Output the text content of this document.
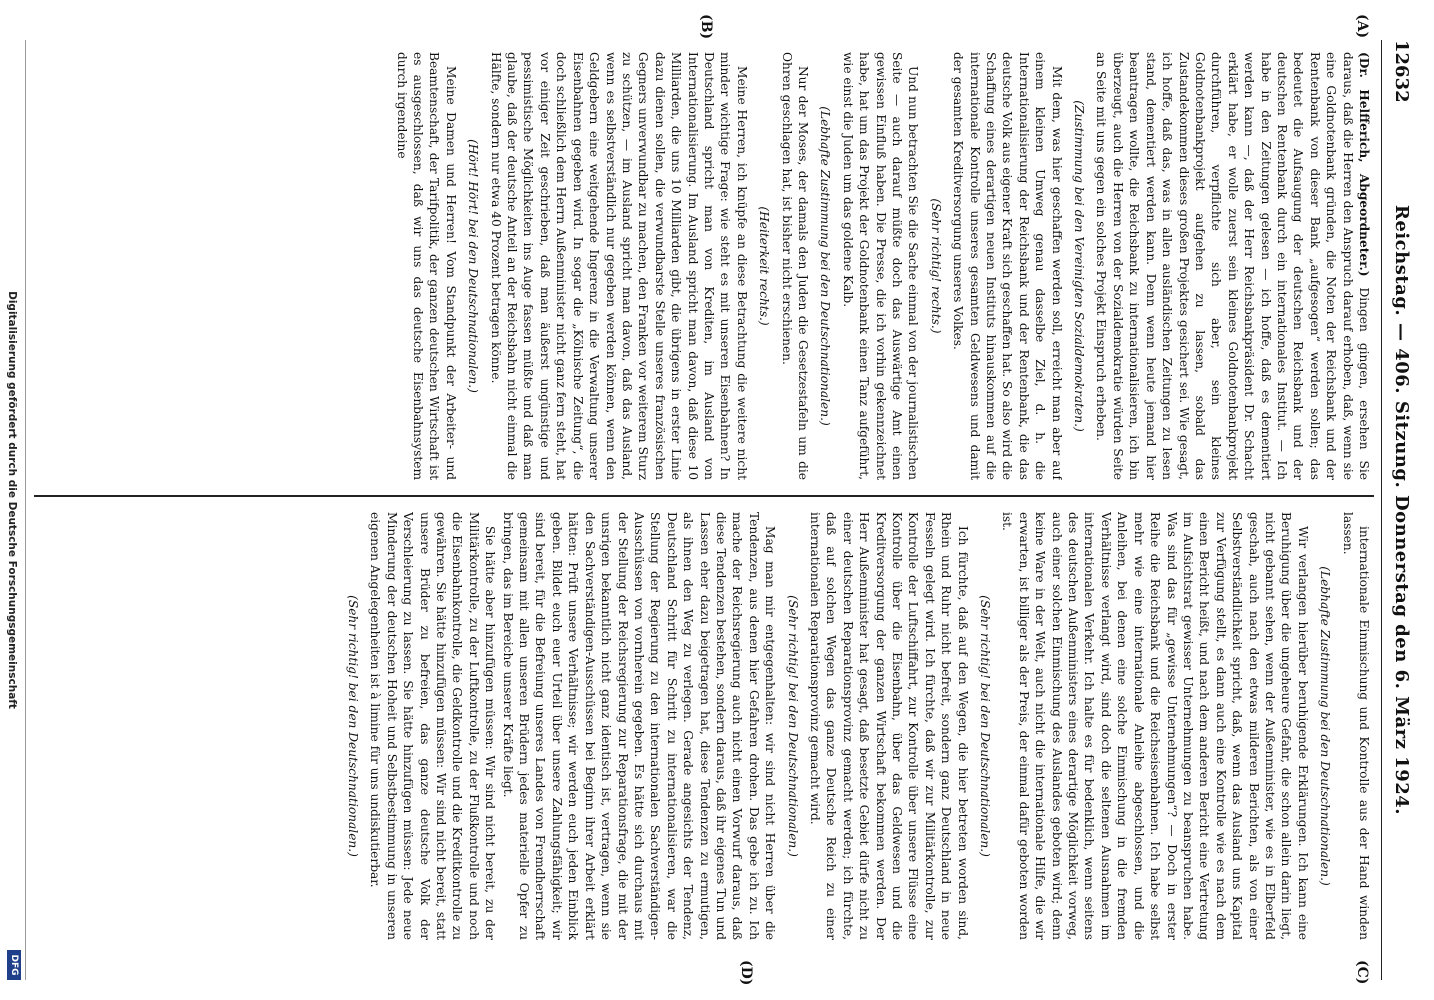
12632
Reichstag. — 406. Sitzung. Donnerstag den 6. März 1924.
(A)
(B)
(C)
(D)

(Dr. Helfferich, Abgeordneter.) Dingen gingen, ersehen Sie daraus, daß die Herren den Anspruch darauf erhoben, daß, wenn sie eine Goldnotenbank gründen, die Noten der Reichsbank und der Rentenbank von dieser Bank „aufgesogen“ werden sollen; das bedeutet die Aufsaugung der deutschen Reichsbank und der deutschen Rentenbank durch ein internationales Institut. — Ich habe in den Zeitungen gelesen — ich hoffe, daß es dementiert werden kann —, daß der Herr Reichsbankpräsident Dr. Schacht erklärt habe, er wolle zuerst sein kleines Goldnotenbankprojekt durchführen, verpflichte sich aber, sein kleines Goldnotenbankprojekt aufgehen zu lassen, sobald das Zustandekommen dieses großen Projektes gesichert sei. Wie gesagt, ich hoffe, daß das, was in allen ausländischen Zeitungen zu lesen stand, dementiert werden kann. Denn wenn heute jemand hier beantragen wollte, die Reichsbank zu internationalisieren, ich bin überzeugt, auch die Herren von der Sozialdemokratie würden Seite an Seite mit uns gegen ein solches Projekt Einspruch erheben.

(Zustimmung bei den Vereinigten Sozialdemokraten.)

Mit dem, was hier geschaffen werden soll, erreicht man aber auf einem kleinen Umweg genau dasselbe Ziel, d. h. die Internationalisierung der Reichsbank und der Rentenbank, die das deutsche Volk aus eigener Kraft sich geschaffen hat. So also wird die Schaffung eines derartigen neuen Instituts hinauskommen auf die internationale Kontrolle unseres gesamten Geldwesens und damit der gesamten Kreditversorgung unseres Volkes.

(Sehr richtig! rechts.)

Und nun betrachten Sie die Sache einmal von der journalistischen Seite — auch darauf müßte doch das Auswärtige Amt einen gewissen Einfluß haben. Die Presse, die ich vorhin gekennzeichnet habe, hat um das Projekt der Goldnotenbank einen Tanz aufgeführt, wie einst die Juden um das goldene Kalb.

(Lebhafte Zustimmung bei den Deutschnationalen.)

Nur der Moses, der damals den Juden die Gesetzestafeln um die Ohren geschlagen hat, ist bisher nicht erschienen.

(Heiterkeit rechts.)

Meine Herren, ich knüpfe an diese Betrachtung die weitere nicht minder wichtige Frage: wie steht es mit unseren Eisenbahnen? In Deutschland spricht man von Krediten, im Ausland von Internationalisierung. Im Ausland spricht man davon, daß diese 10 Milliarden, die uns 10 Milliarden gibt, die übrigens in erster Linie dazu dienen sollen, die verwundbarste Stelle unseres französischen Gegners unverwundbar zu machen, den Franken vor weiterem Sturz zu schützen, — im Ausland spricht man davon, daß das Ausland, wenn es selbstverständlich nur gegeben werden können, wenn den Geldgebern eine weitgehende Ingerenz in die Verwaltung unserer Eisenbahnen gegeben wird. In sogar die „Kölnische Zeitung“, die doch schließlich dem Herrn Außenminister nicht ganz fern steht, hat vor einiger Zeit geschrieben, daß man äußerst ungünstige und pessimistische Möglichkeiten ins Auge fassen müßte und daß man glaube, daß der deutsche Anteil an der Reichsbahn nicht einmal die Hälfte, sondern nur etwa 40 Prozent betragen könne.

(Hört! Hört! bei den Deutschnationalen.)

Meine Damen und Herren! Vom Standpunkt der Arbeiter- und Beamtenschaft, der Tarifpolitik, der ganzen deutschen Wirtschaft ist es ausgeschlossen, daß wir uns das deutsche Eisenbahnsystem durch irgendeine

internationale Einmischung und Kontrolle aus der Hand winden lassen.

(Lebhafte Zustimmung bei den Deutschnationalen.)

Wir verlangen hierüber beruhigende Erklärungen. Ich kann eine Beruhigung über die ungeheure Gefahr, die schon allein darin liegt, nicht gebannt sehen, wenn der Außenminister, wie es in Elberfeld geschah, auch nach den etwas milderen Berichten, als von einer Selbstverständlichkeit spricht, daß, wenn das Ausland uns Kapital zur Verfügung stellt, es dann auch eine Kontrolle wie es nach dem einen Bericht heißt, und nach dem anderen Bericht eine Vertretung im Aufsichtsrat gewisser Unternehmungen zu beanspruchen habe. Was sind das für „gewisse Unternehmungen“? — Doch in erster Reihe die Reichsbank und die Reichseisenbahnen. Ich habe selbst mehr wie eine internationale Anleihe abgeschlossen, und die Anleihen, bei denen eine solche Einmischung in die fremden Verhältnisse verlangt wird, sind doch die seltenen Ausnahmen im internationalen Verkehr. Ich halte es für bedenklich, wenn seitens des deutschen Außenministers eines derartige Möglichkeit vorweg, auch einer solchen Einmischung des Auslandes geboten wird; denn keine Ware in der Welt, auch nicht die internationale Hilfe, die wir erwarten, ist billiger als der Preis, der einmal dafür geboten worden ist.

(Sehr richtig! bei den Deutschnationalen.)

Ich fürchte, daß auf den Wegen, die hier betreten worden sind, Rhein und Ruhr nicht befreit, sondern ganz Deutschland in neue Fesseln gelegt wird. Ich fürchte, daß wir zur Militärkontrolle, zur Kontrolle der Luftschiffahrt, zur Kontrolle über unsere Flüsse eine Kontrolle über die Eisenbahn, über das Geldwesen und die Kreditversorgung der ganzen Wirtschaft bekommen werden. Der Herr Außenminister hat gesagt, daß besetzte Gebiet dürfe nicht zu einer deutschen Reparationsprovinz gemacht werden; ich fürchte, daß auf solchen Wegen das ganze Deutsche Reich zu einer internationalen Reparationsprovinz gemacht wird.

(Sehr richtig! bei den Deutschnationalen.)

Mag man mir entgegenhalten: wir sind nicht Herren über die Tendenzen, aus denen hier Gefahren drohen. Das gebe ich zu. Ich mache der Reichsregierung auch nicht einen Vorwurf daraus, daß diese Tendenzen bestehen, sondern daraus, daß ihr eigenes Tun und Lassen eher dazu beigetragen hat, diese Tendenzen zu ermutigen, als ihnen den Weg zu verlegen. Gerade angesichts der Tendenz, Deutschland Schritt für Schritt zu internationalisieren, war die Stellung der Regierung zu den internationalen Sachverständigen-Ausschüssen von vornherein gegeben. Es hätte sich durchaus mit der Stellung der Reichsregierung zur Reparationsfrage, die mit der unsrigen bekanntlich nicht ganz identisch ist, vertragen, wenn sie den Sachverständigen-Ausschüssen bei Beginn ihrer Arbeit erklärt hätten: Prüft unsere Verhältnisse; wir werden euch jeden Einblick geben. Bildet euch euer Urteil über unsere Zahlungsfähigkeit; wir sind bereit, für die Befreiung unseres Landes von Fremdherrschaft gemeinsam mit allen unseren Brüdern jedes materielle Opfer zu bringen, das im Bereiche unserer Kräfte liegt.

Sie hätte aber hinzufügen müssen: Wir sind nicht bereit, zu der Militärkontrolle, zu der Luftkontrolle, zu der Flußkontrolle und noch die Eisenbahnkontrolle, die Geldkontrolle und die Kreditkontrolle zu gewähren. Sie hätte hinzufügen müssen: Wir sind nicht bereit, statt unsere Brüder zu befreien, das ganze deutsche Volk der Verschleierung zu lassen. Sie hätte hinzufügen müssen: Jede neue Minderung der deutschen Hoheit und Selbstbestimmung in unseren eigenen Angelegenheiten ist à limine für uns undiskutierbar.

(Sehr richtig! bei den Deutschnationalen.)

Digitalisierung gefördert durch die Deutsche Forschungsgemeinschaft
DFG
